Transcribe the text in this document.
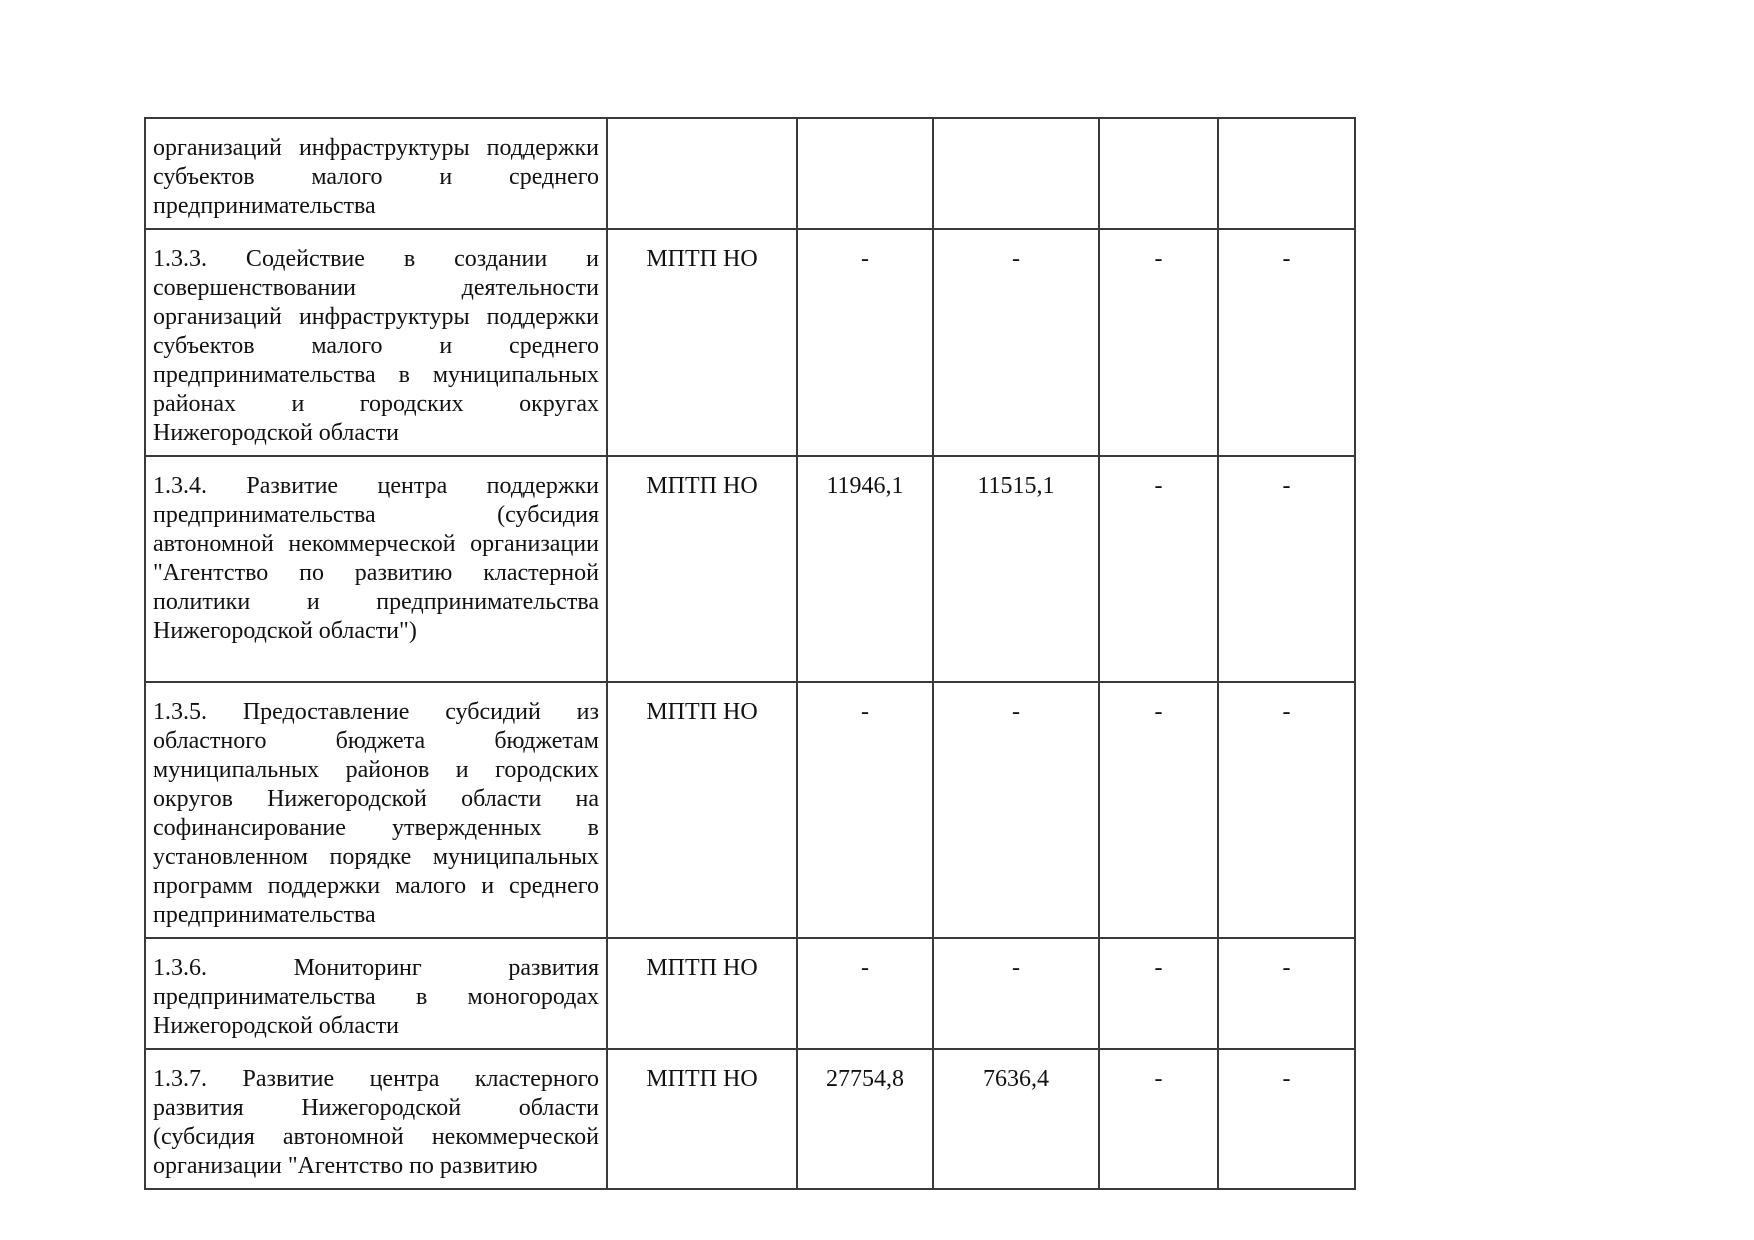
организаций инфраструктуры поддержки субъектов малого и среднего предпринимательства					
1.3.3. Содействие в создании и совершенствовании деятельности организаций инфраструктуры поддержки субъектов малого и среднего предпринимательства в муниципальных районах и городских округах Нижегородской области	МПТП НО	-	-	-	-
1.3.4. Развитие центра поддержки предпринимательства (субсидия автономной некоммерческой организации "Агентство по развитию кластерной политики и предпринимательства Нижегородской области")	МПТП НО	11946,1	11515,1	-	-
1.3.5. Предоставление субсидий из областного бюджета бюджетам муниципальных районов и городских округов Нижегородской области на софинансирование утвержденных в установленном порядке муниципальных программ поддержки малого и среднего предпринимательства	МПТП НО	-	-	-	-
1.3.6. Мониторинг развития предпринимательства в моногородах Нижегородской области	МПТП НО	-	-	-	-
1.3.7. Развитие центра кластерного развития Нижегородской области (субсидия автономной некоммерческой организации "Агентство по развитию	МПТП НО	27754,8	7636,4	-	-
